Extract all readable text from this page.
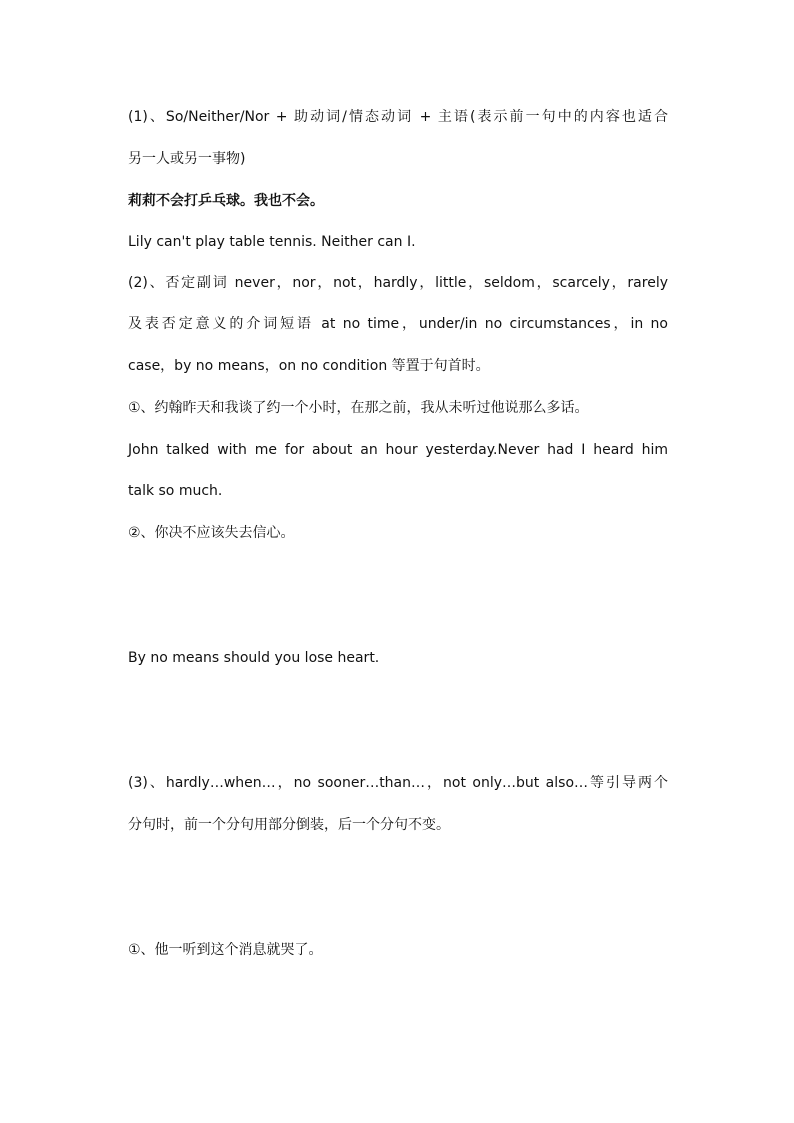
(1)、So/Neither/Nor + 助动词/情态动词 + 主语(表示前一句中的内容也适合
另一人或另一事物)
莉莉不会打乒乓球。我也不会。
Lily can't play table tennis. Neither can I.
(2)、否定副词 never，nor，not，hardly，little，seldom，scarcely，rarely
及表否定意义的介词短语 at no time，under/in no circumstances，in no
case，by no means，on no condition 等置于句首时。
①、约翰昨天和我谈了约一个小时，在那之前，我从未听过他说那么多话。
John talked with me for about an hour yesterday.Never had I heard him
talk so much.
②、你决不应该失去信心。
By no means should you lose heart.
(3)、hardly…when…，no sooner…than…，not only…but also…等引导两个
分句时，前一个分句用部分倒装，后一个分句不变。
①、他一听到这个消息就哭了。
